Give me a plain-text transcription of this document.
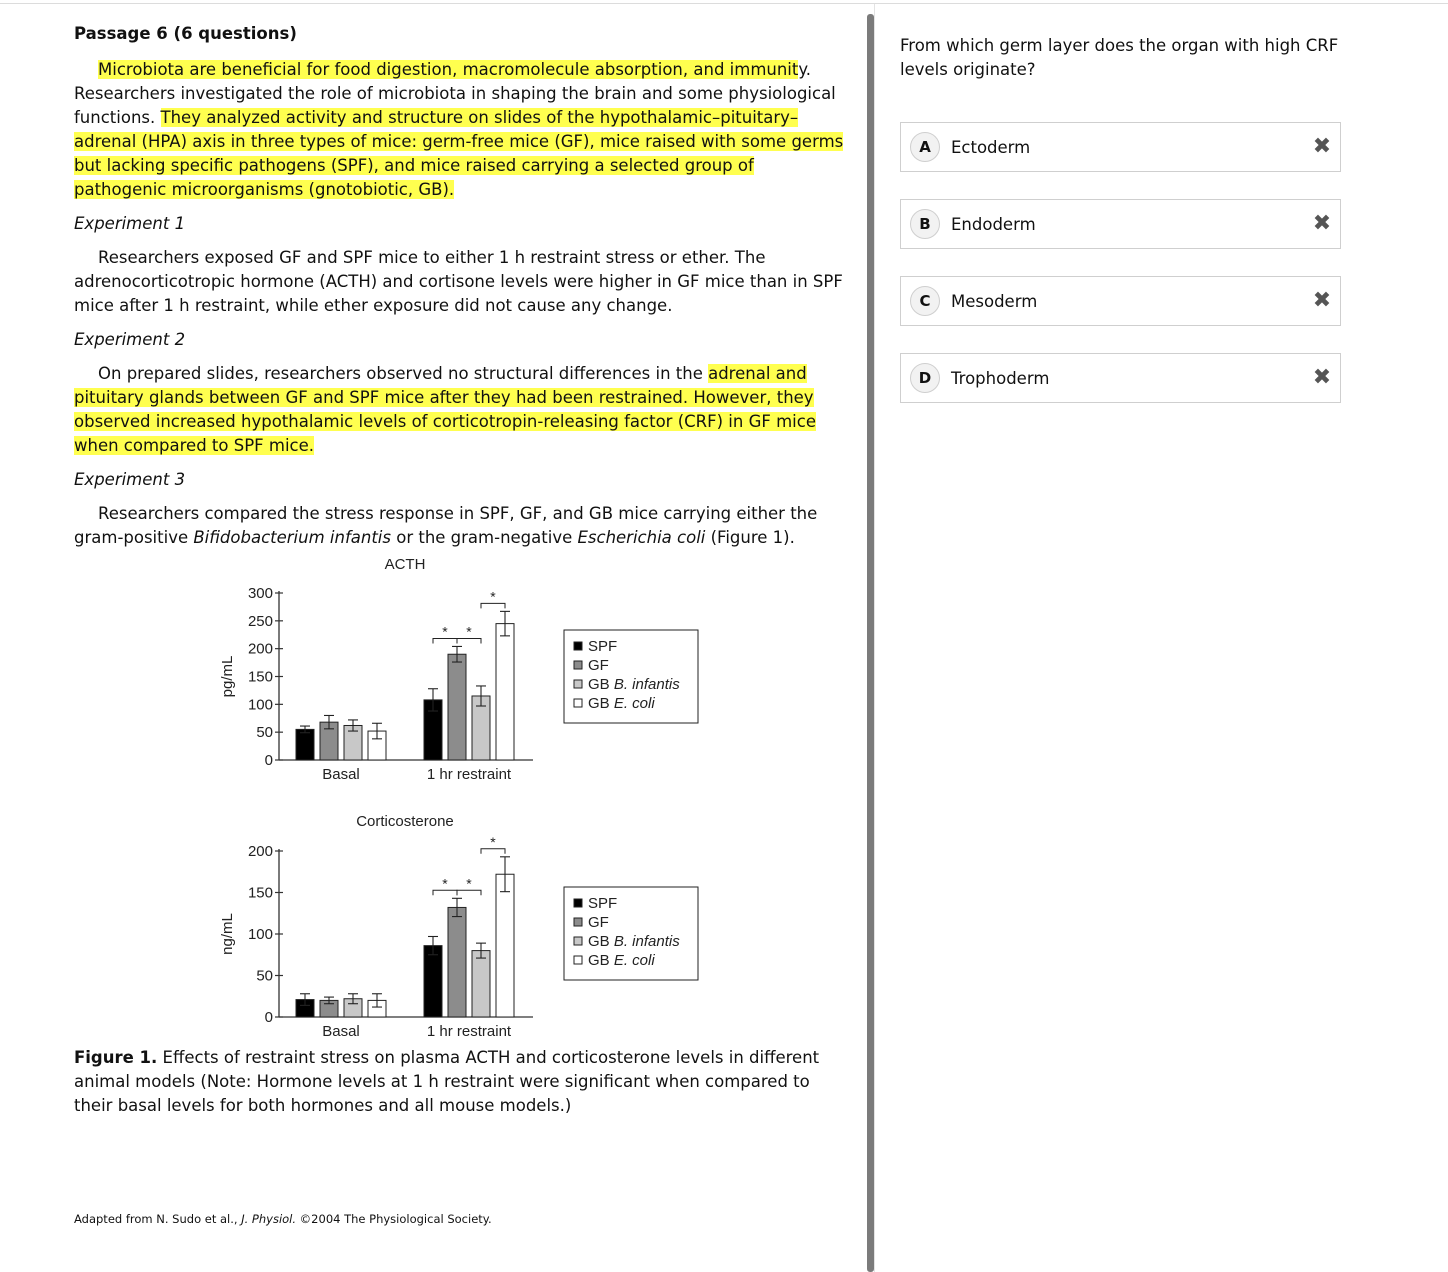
Passage 6 (6 questions)

Microbiota are beneficial for food digestion, macromolecule absorption, and immunity. Researchers investigated the role of microbiota in shaping the brain and some physiological functions. They analyzed activity and structure on slides of the hypothalamic–pituitary–adrenal (HPA) axis in three types of mice: germ-free mice (GF), mice raised with some germs but lacking specific pathogens (SPF), and mice raised carrying a selected group of pathogenic microorganisms (gnotobiotic, GB).

Experiment 1

Researchers exposed GF and SPF mice to either 1 h restraint stress or ether. The adrenocorticotropic hormone (ACTH) and cortisone levels were higher in GF mice than in SPF mice after 1 h restraint, while ether exposure did not cause any change.

Experiment 2

On prepared slides, researchers observed no structural differences in the adrenal and pituitary glands between GF and SPF mice after they had been restrained. However, they observed increased hypothalamic levels of corticotropin-releasing factor (CRF) in GF mice when compared to SPF mice.

Experiment 3

Researchers compared the stress response in SPF, GF, and GB mice carrying either the gram-positive Bifidobacterium infantis or the gram-negative Escherichia coli (Figure 1).

ACTH
pg/mL
0
50
100
150
200
250
300
Basal	1 hr restraint
* *
*
SPF
GF
GB B. infantis
GB E. coli
Corticosterone
ng/mL
0
50
100
150
200
Basal	1 hr restraint
* *
*
SPF
GF
GB B. infantis
GB E. coli

Figure 1. Effects of restraint stress on plasma ACTH and corticosterone levels in different animal models (Note: Hormone levels at 1 h restraint were significant when compared to their basal levels for both hormones and all mouse models.)

Adapted from N. Sudo et al., J. Physiol. ©2004 The Physiological Society.
From which germ layer does the organ with high CRF levels originate?
A	Ectoderm	✖
B	Endoderm	✖
C	Mesoderm	✖
D	Trophoderm	✖
